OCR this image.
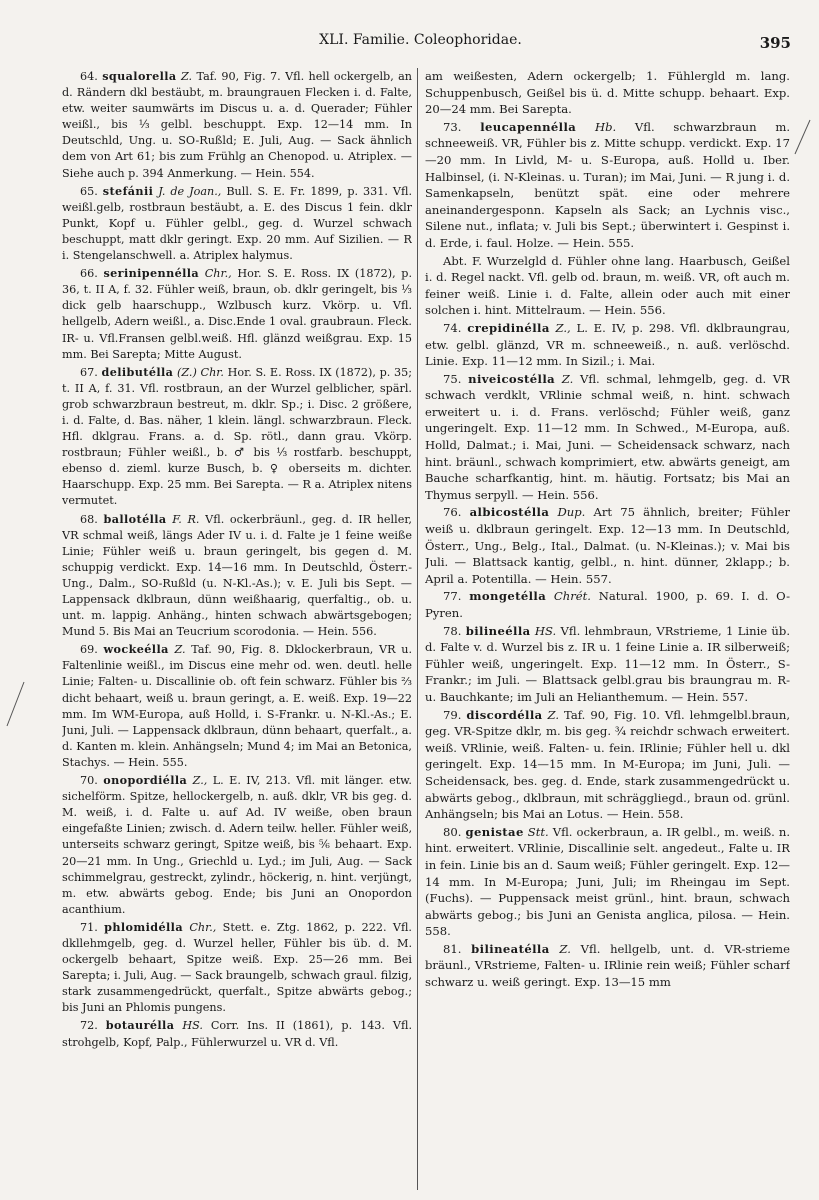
XLI. Familie. Coleophoridae.	395

64. squalorella Z. Taf. 90, Fig. 7. Vfl. hell ockergelb, an d. Rändern dkl bestäubt, m. braungrauen Flecken i. d. Falte, etw. weiter saumwärts im Discus u. a. d. Querader; Fühler weißl., bis ⅓ gelbl. beschuppt. Exp. 12—14 mm. In Deutschld, Ung. u. SO-Rußld; E. Juli, Aug. — Sack ähnlich dem von Art 61; bis zum Frühlg an Chenopod. u. Atriplex. — Siehe auch p. 394 Anmerkung. — Hein. 554.

65. stefánii J. de Joan., Bull. S. E. Fr. 1899, p. 331. Vfl. weißl.gelb, rostbraun bestäubt, a. E. des Discus 1 fein. dklr Punkt, Kopf u. Fühler gelbl., geg. d. Wurzel schwach beschuppt, matt dklr geringt. Exp. 20 mm. Auf Sizilien. — R i. Stengelanschwell. a. Atriplex halymus.

66. serinipennélla Chr., Hor. S. E. Ross. IX (1872), p. 36, t. II A, f. 32. Fühler weiß, braun, ob. dklr geringelt, bis ⅓ dick gelb haarschupp., Wzlbusch kurz. Vkörp. u. Vfl. hellgelb, Adern weißl., a. Disc.Ende 1 oval. graubraun. Fleck. IR- u. Vfl.Fransen gelbl.weiß. Hfl. glänzd weißgrau. Exp. 15 mm. Bei Sarepta; Mitte August.

67. delibutélla (Z.) Chr. Hor. S. E. Ross. IX (1872), p. 35; t. II A, f. 31. Vfl. rostbraun, an der Wurzel gelblicher, spärl. grob schwarzbraun bestreut, m. dklr. Sp.; i. Disc. 2 größere, i. d. Falte, d. Bas. näher, 1 klein. längl. schwarzbraun. Fleck. Hfl. dklgrau. Frans. a. d. Sp. rötl., dann grau. Vkörp. rostbraun; Fühler weißl., b. ♂ bis ⅓ rostfarb. beschuppt, ebenso d. zieml. kurze Busch, b. ♀ oberseits m. dichter. Haarschupp. Exp. 25 mm. Bei Sarepta. — R a. Atriplex nitens vermutet.

68. ballotélla F. R. Vfl. ockerbräunl., geg. d. IR heller, VR schmal weiß, längs Ader IV u. i. d. Falte je 1 feine weiße Linie; Fühler weiß u. braun geringelt, bis gegen d. M. schuppig verdickt. Exp. 14—16 mm. In Deutschld, Österr.-Ung., Dalm., SO-Rußld (u. N-Kl.-As.); v. E. Juli bis Sept. — Lappensack dklbraun, dünn weißhaarig, querfaltig., ob. u. unt. m. lappig. Anhäng., hinten schwach abwärtsgebogen; Mund 5. Bis Mai an Teucrium scorodonia. — Hein. 556.

69. wockeélla Z. Taf. 90, Fig. 8. Dklockerbraun, VR u. Faltenlinie weißl., im Discus eine mehr od. wen. deutl. helle Linie; Falten- u. Discallinie ob. oft fein schwarz. Fühler bis ⅔ dicht behaart, weiß u. braun geringt, a. E. weiß. Exp. 19—22 mm. Im WM-Europa, auß Holld, i. S-Frankr. u. N-Kl.-As.; E. Juni, Juli. — Lappensack dklbraun, dünn behaart, querfalt., a. d. Kanten m. klein. Anhängseln; Mund 4; im Mai an Betonica, Stachys. — Hein. 555.

70. onopordiélla Z., L. E. IV, 213. Vfl. mit länger. etw. sichelförm. Spitze, hellockergelb, n. auß. dklr, VR bis geg. d. M. weiß, i. d. Falte u. auf Ad. IV weiße, oben braun eingefaßte Linien; zwisch. d. Adern teilw. heller. Fühler weiß, unterseits schwarz geringt, Spitze weiß, bis ⅚ behaart. Exp. 20—21 mm. In Ung., Griechld u. Lyd.; im Juli, Aug. — Sack schimmelgrau, gestreckt, zylindr., höckerig, n. hint. verjüngt, m. etw. abwärts gebog. Ende; bis Juni an Onopordon acanthium.

71. phlomidélla Chr., Stett. e. Ztg. 1862, p. 222. Vfl. dkllehmgelb, geg. d. Wurzel heller, Fühler bis üb. d. M. ockergelb behaart, Spitze weiß. Exp. 25—26 mm. Bei Sarepta; i. Juli, Aug. — Sack braungelb, schwach graul. filzig, stark zusammengedrückt, querfalt., Spitze abwärts gebog.; bis Juni an Phlomis pungens.

72. botaurélla HS. Corr. Ins. II (1861), p. 143. Vfl. strohgelb, Kopf, Palp., Fühlerwurzel u. VR d. Vfl.

am weißesten, Adern ockergelb; 1. Fühlergld m. lang. Schuppenbusch, Geißel bis ü. d. Mitte schupp. behaart. Exp. 20—24 mm. Bei Sarepta.

73. leucapennélla Hb. Vfl. schwarzbraun m. schneeweiß. VR, Fühler bis z. Mitte schupp. verdickt. Exp. 17—20 mm. In Livld, M- u. S-Europa, auß. Holld u. Iber. Halbinsel, (i. N-Kleinas. u. Turan); im Mai, Juni. — R jung i. d. Samenkapseln, benützt spät. eine oder mehrere aneinandergesponn. Kapseln als Sack; an Lychnis visc., Silene nut., inflata; v. Juli bis Sept.; überwintert i. Gespinst i. d. Erde, i. faul. Holze. — Hein. 555.

Abt. F. Wurzelgld d. Fühler ohne lang. Haarbusch, Geißel i. d. Regel nackt. Vfl. gelb od. braun, m. weiß. VR, oft auch m. feiner weiß. Linie i. d. Falte, allein oder auch mit einer solchen i. hint. Mittelraum. — Hein. 556.

74. crepidinélla Z., L. E. IV, p. 298. Vfl. dklbraungrau, etw. gelbl. glänzd, VR m. schneeweiß., n. auß. verlöschd. Linie. Exp. 11—12 mm. In Sizil.; i. Mai.

75. niveicostélla Z. Vfl. schmal, lehmgelb, geg. d. VR schwach verdklt, VRlinie schmal weiß, n. hint. schwach erweitert u. i. d. Frans. verlöschd; Fühler weiß, ganz ungeringelt. Exp. 11—12 mm. In Schwed., M-Europa, auß. Holld, Dalmat.; i. Mai, Juni. — Scheidensack schwarz, nach hint. bräunl., schwach komprimiert, etw. abwärts geneigt, am Bauche scharfkantig, hint. m. häutig. Fortsatz; bis Mai an Thymus serpyll. — Hein. 556.

76. albicostélla Dup. Art 75 ähnlich, breiter; Fühler weiß u. dklbraun geringelt. Exp. 12—13 mm. In Deutschld, Österr., Ung., Belg., Ital., Dalmat. (u. N-Kleinas.); v. Mai bis Juli. — Blattsack kantig, gelbl., n. hint. dünner, 2klapp.; b. April a. Potentilla. — Hein. 557.

77. mongetélla Chrét. Natural. 1900, p. 69. I. d. O-Pyren.

78. bilineélla HS. Vfl. lehmbraun, VRstrieme, 1 Linie üb. d. Falte v. d. Wurzel bis z. IR u. 1 feine Linie a. IR silberweiß; Fühler weiß, ungeringelt. Exp. 11—12 mm. In Österr., S-Frankr.; im Juli. — Blattsack gelbl.grau bis braungrau m. R- u. Bauchkante; im Juli an Helianthemum. — Hein. 557.

79. discordélla Z. Taf. 90, Fig. 10. Vfl. lehmgelbl.braun, geg. VR-Spitze dklr, m. bis geg. ¾ reichdr schwach erweitert. weiß. VRlinie, weiß. Falten- u. fein. IRlinie; Fühler hell u. dkl geringelt. Exp. 14—15 mm. In M-Europa; im Juni, Juli. — Scheidensack, bes. geg. d. Ende, stark zusammengedrückt u. abwärts gebog., dklbraun, mit schräggliegd., braun od. grünl. Anhängseln; bis Mai an Lotus. — Hein. 558.

80. genistae Stt. Vfl. ockerbraun, a. IR gelbl., m. weiß. n. hint. erweitert. VRlinie, Discallinie selt. angedeut., Falte u. IR in fein. Linie bis an d. Saum weiß; Fühler geringelt. Exp. 12—14 mm. In M-Europa; Juni, Juli; im Rheingau im Sept. (Fuchs). — Puppensack meist grünl., hint. braun, schwach abwärts gebog.; bis Juni an Genista anglica, pilosa. — Hein. 558.

81. bilineatélla Z. Vfl. hellgelb, unt. d. VR-striemе bräunl., VRstrieme, Falten- u. IRlinie rein weiß; Fühler scharf schwarz u. weiß geringt. Exp. 13—15 mm
